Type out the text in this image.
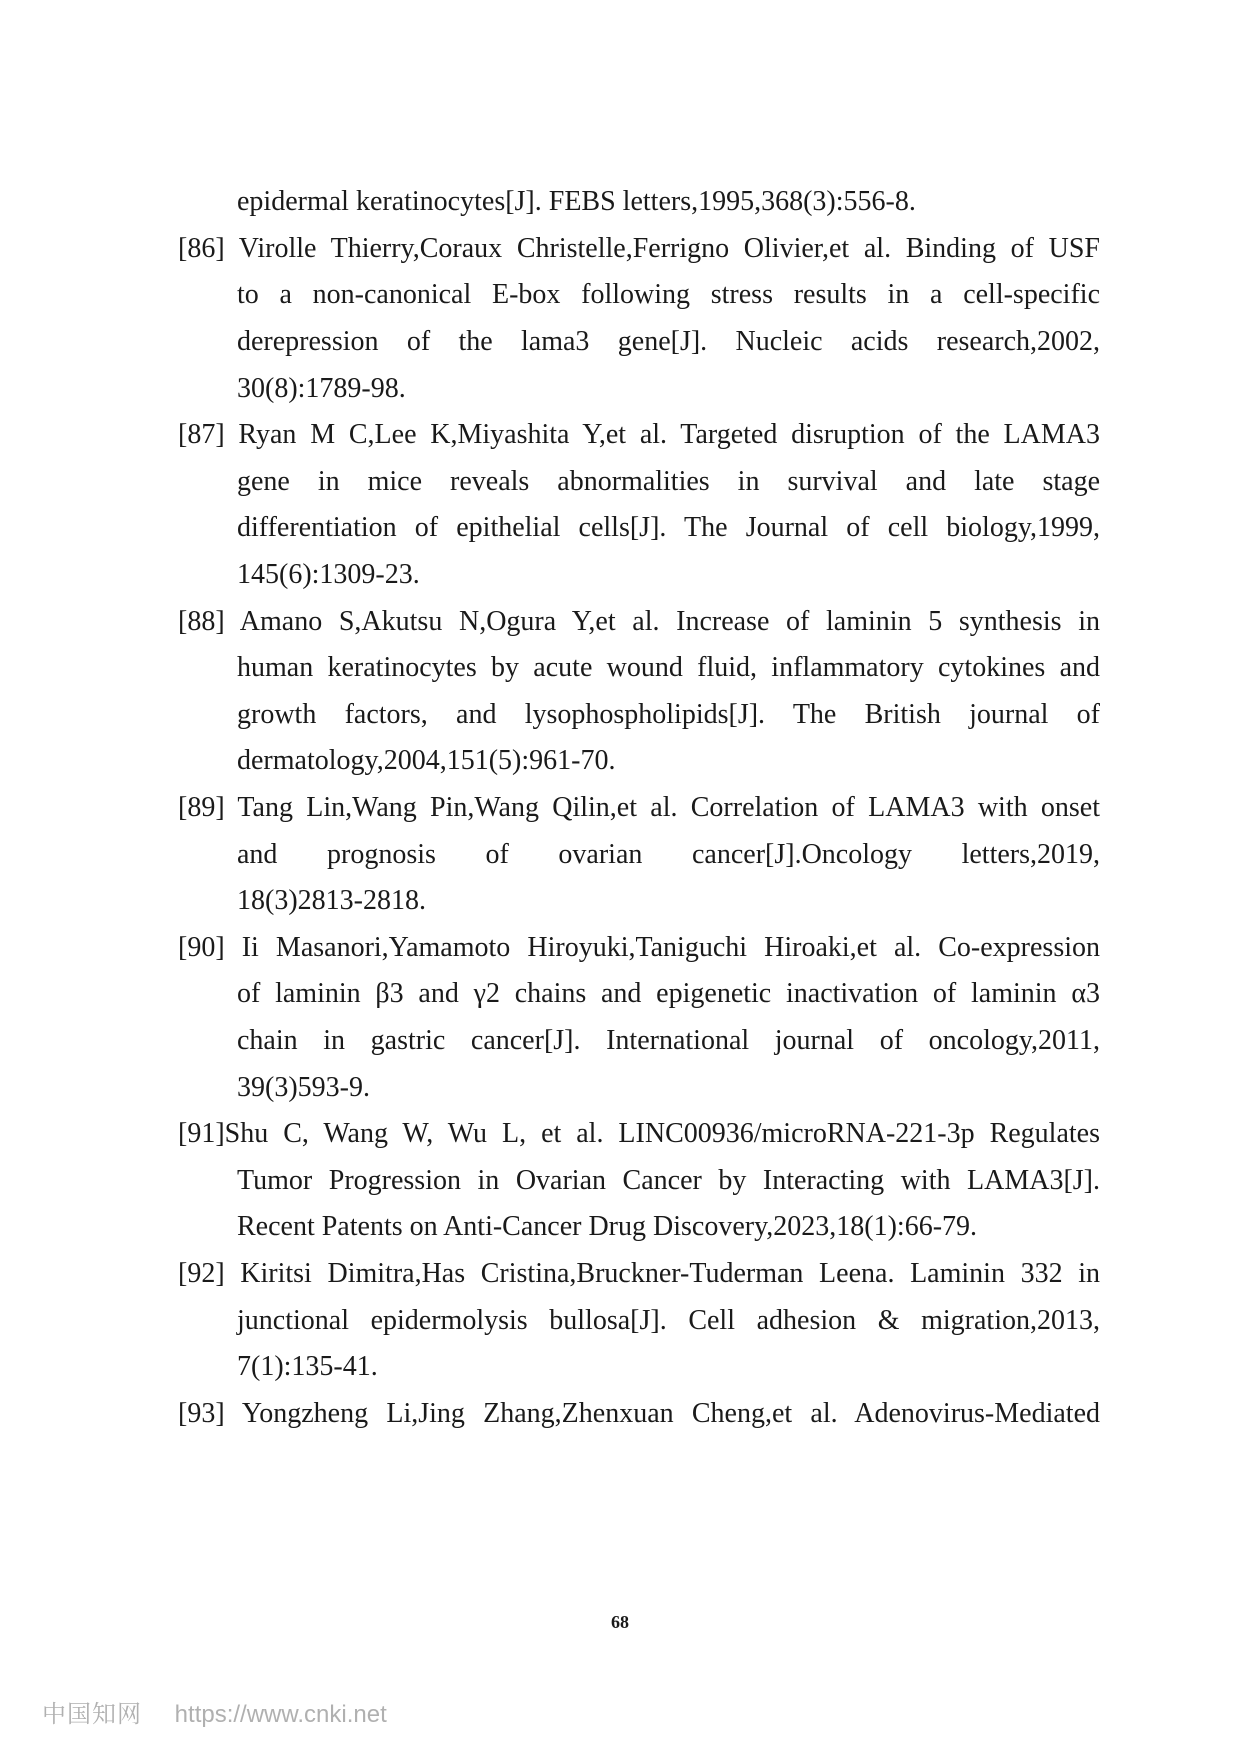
epidermal keratinocytes[J]. FEBS letters,1995,368(3):556-8.
[86] Virolle Thierry,Coraux Christelle,Ferrigno Olivier,et al. Binding of USF
to a non-canonical E-box following stress results in a cell-specific
derepression of the lama3 gene[J]. Nucleic acids research,2002,
30(8):1789-98.
[87] Ryan M C,Lee K,Miyashita Y,et al. Targeted disruption of the LAMA3
gene in mice reveals abnormalities in survival and late stage
differentiation of epithelial cells[J]. The Journal of cell biology,1999,
145(6):1309-23.
[88] Amano S,Akutsu N,Ogura Y,et al. Increase of laminin 5 synthesis in
human keratinocytes by acute wound fluid, inflammatory cytokines and
growth factors, and lysophospholipids[J]. The British journal of
dermatology,2004,151(5):961-70.
[89] Tang Lin,Wang Pin,Wang Qilin,et al. Correlation of LAMA3 with onset
and prognosis of ovarian cancer[J].Oncology letters,2019,
18(3)2813-2818.
[90] Ii Masanori,Yamamoto Hiroyuki,Taniguchi Hiroaki,et al. Co-expression
of laminin β3 and γ2 chains and epigenetic inactivation of laminin α3
chain in gastric cancer[J]. International journal of oncology,2011,
39(3)593-9.
[91]Shu C, Wang W, Wu L, et al. LINC00936/microRNA-221-3p Regulates
Tumor Progression in Ovarian Cancer by Interacting with LAMA3[J].
Recent Patents on Anti-Cancer Drug Discovery,2023,18(1):66-79.
[92] Kiritsi Dimitra,Has Cristina,Bruckner-Tuderman Leena. Laminin 332 in
junctional epidermolysis bullosa[J]. Cell adhesion & migration,2013,
7(1):135-41.
[93] Yongzheng Li,Jing Zhang,Zhenxuan Cheng,et al. Adenovirus-Mediated
68
中国知网 https://www.cnki.net
